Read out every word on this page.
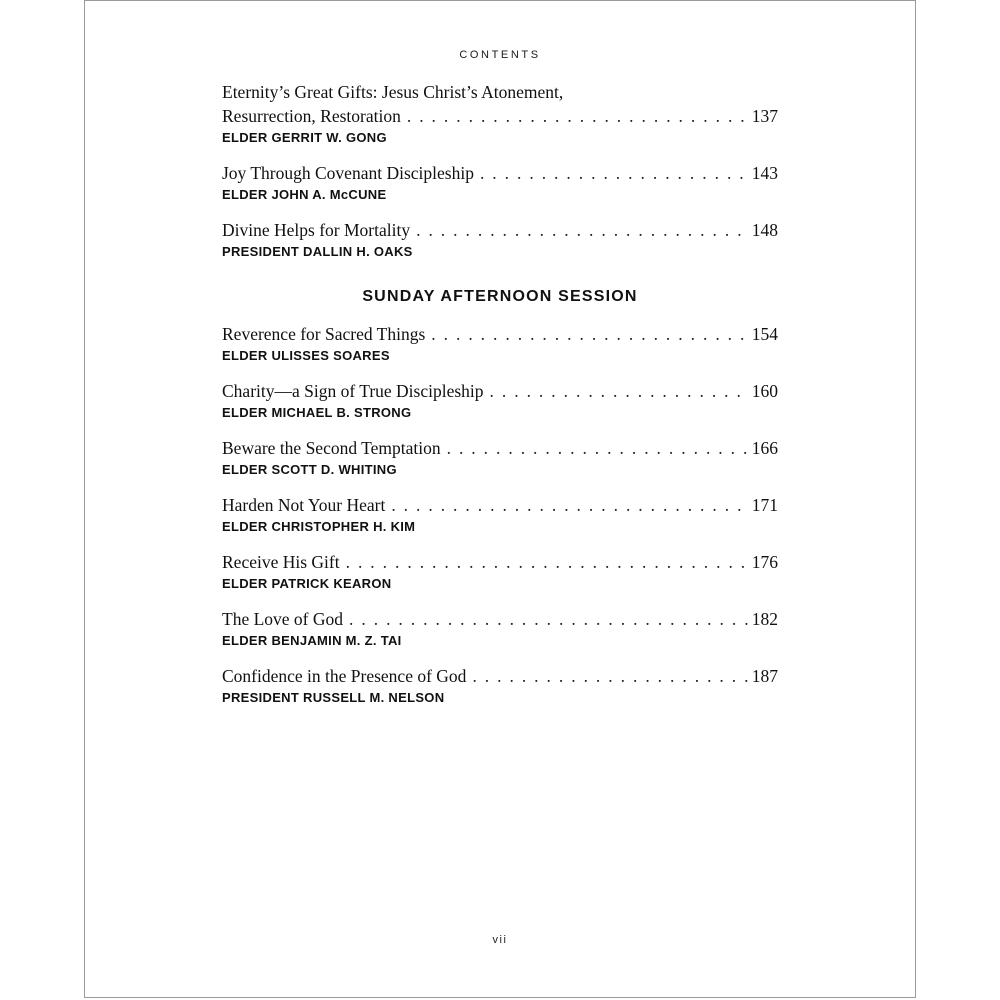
CONTENTS
Eternity’s Great Gifts: Jesus Christ’s Atonement,
Resurrection, Restoration . . .	137
ELDER GERRIT W. GONG
Joy Through Covenant Discipleship . . .	143
ELDER JOHN A. McCUNE
Divine Helps for Mortality . . .	148
PRESIDENT DALLIN H. OAKS
SUNDAY AFTERNOON SESSION
Reverence for Sacred Things . . .	154
ELDER ULISSES SOARES
Charity—a Sign of True Discipleship . . .	160
ELDER MICHAEL B. STRONG
Beware the Second Temptation . . .	166
ELDER SCOTT D. WHITING
Harden Not Your Heart . . .	171
ELDER CHRISTOPHER H. KIM
Receive His Gift . . .	176
ELDER PATRICK KEARON
The Love of God . . .	182
ELDER BENJAMIN M. Z. TAI
Confidence in the Presence of God . . .	187
PRESIDENT RUSSELL M. NELSON
vii
